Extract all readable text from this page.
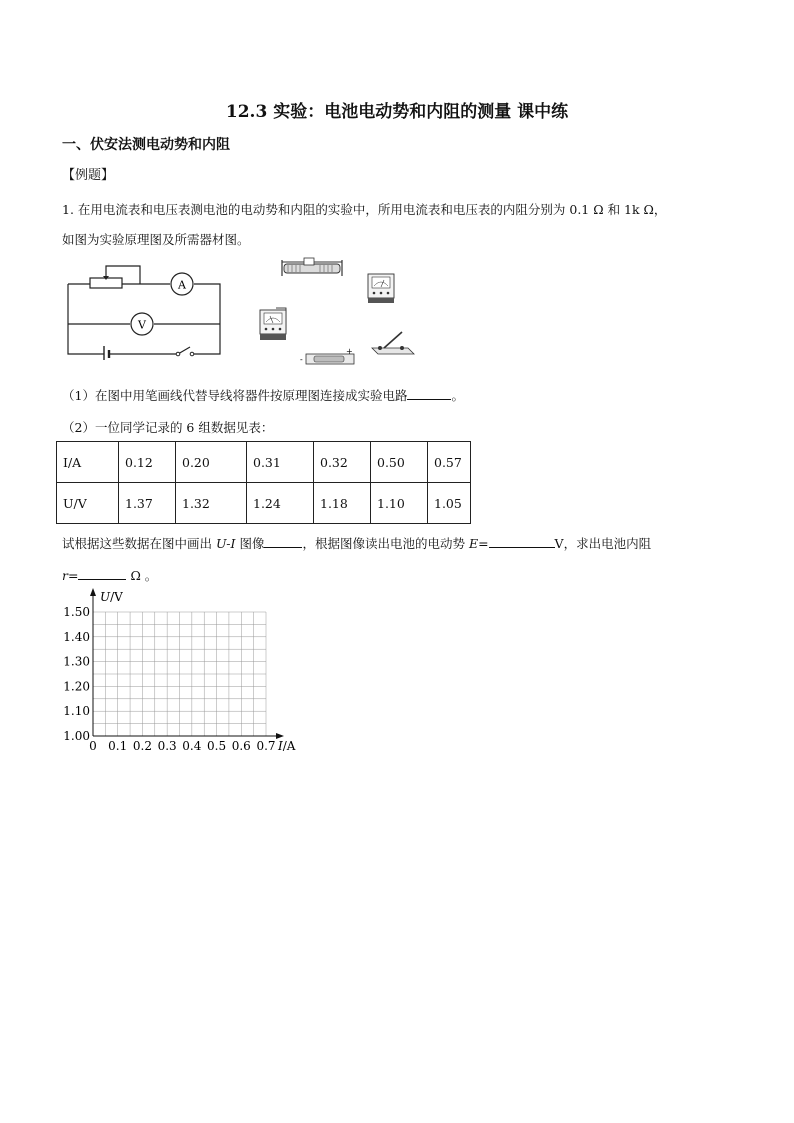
12.3 实验：电池电动势和内阻的测量 课中练
一、伏安法测电动势和内阻
【例题】
1. 在用电流表和电压表测电池的电动势和内阻的实验中，所用电流表和电压表的内阻分别为 0.1 Ω 和 1k Ω，
如图为实验原理图及所需器材图。
A
V
-
+
（1）在图中用笔画线代替导线将器件按原理图连接成实验电路	。
（2）一位同学记录的 6 组数据见表：
I/A	0.12	0.20	0.31	0.32	0.50	0.57
U/V	1.37	1.32	1.24	1.18	1.10	1.05
试根据这些数据在图中画出 U-I 图像	，根据图像读出电池的电动势 E=	V，求出电池内阻
r=	Ω 。
U/V
I/A
1.50
1.40
1.30
1.20
1.10
1.00
0 0.1 0.2 0.3 0.4 0.5 0.6 0.7
